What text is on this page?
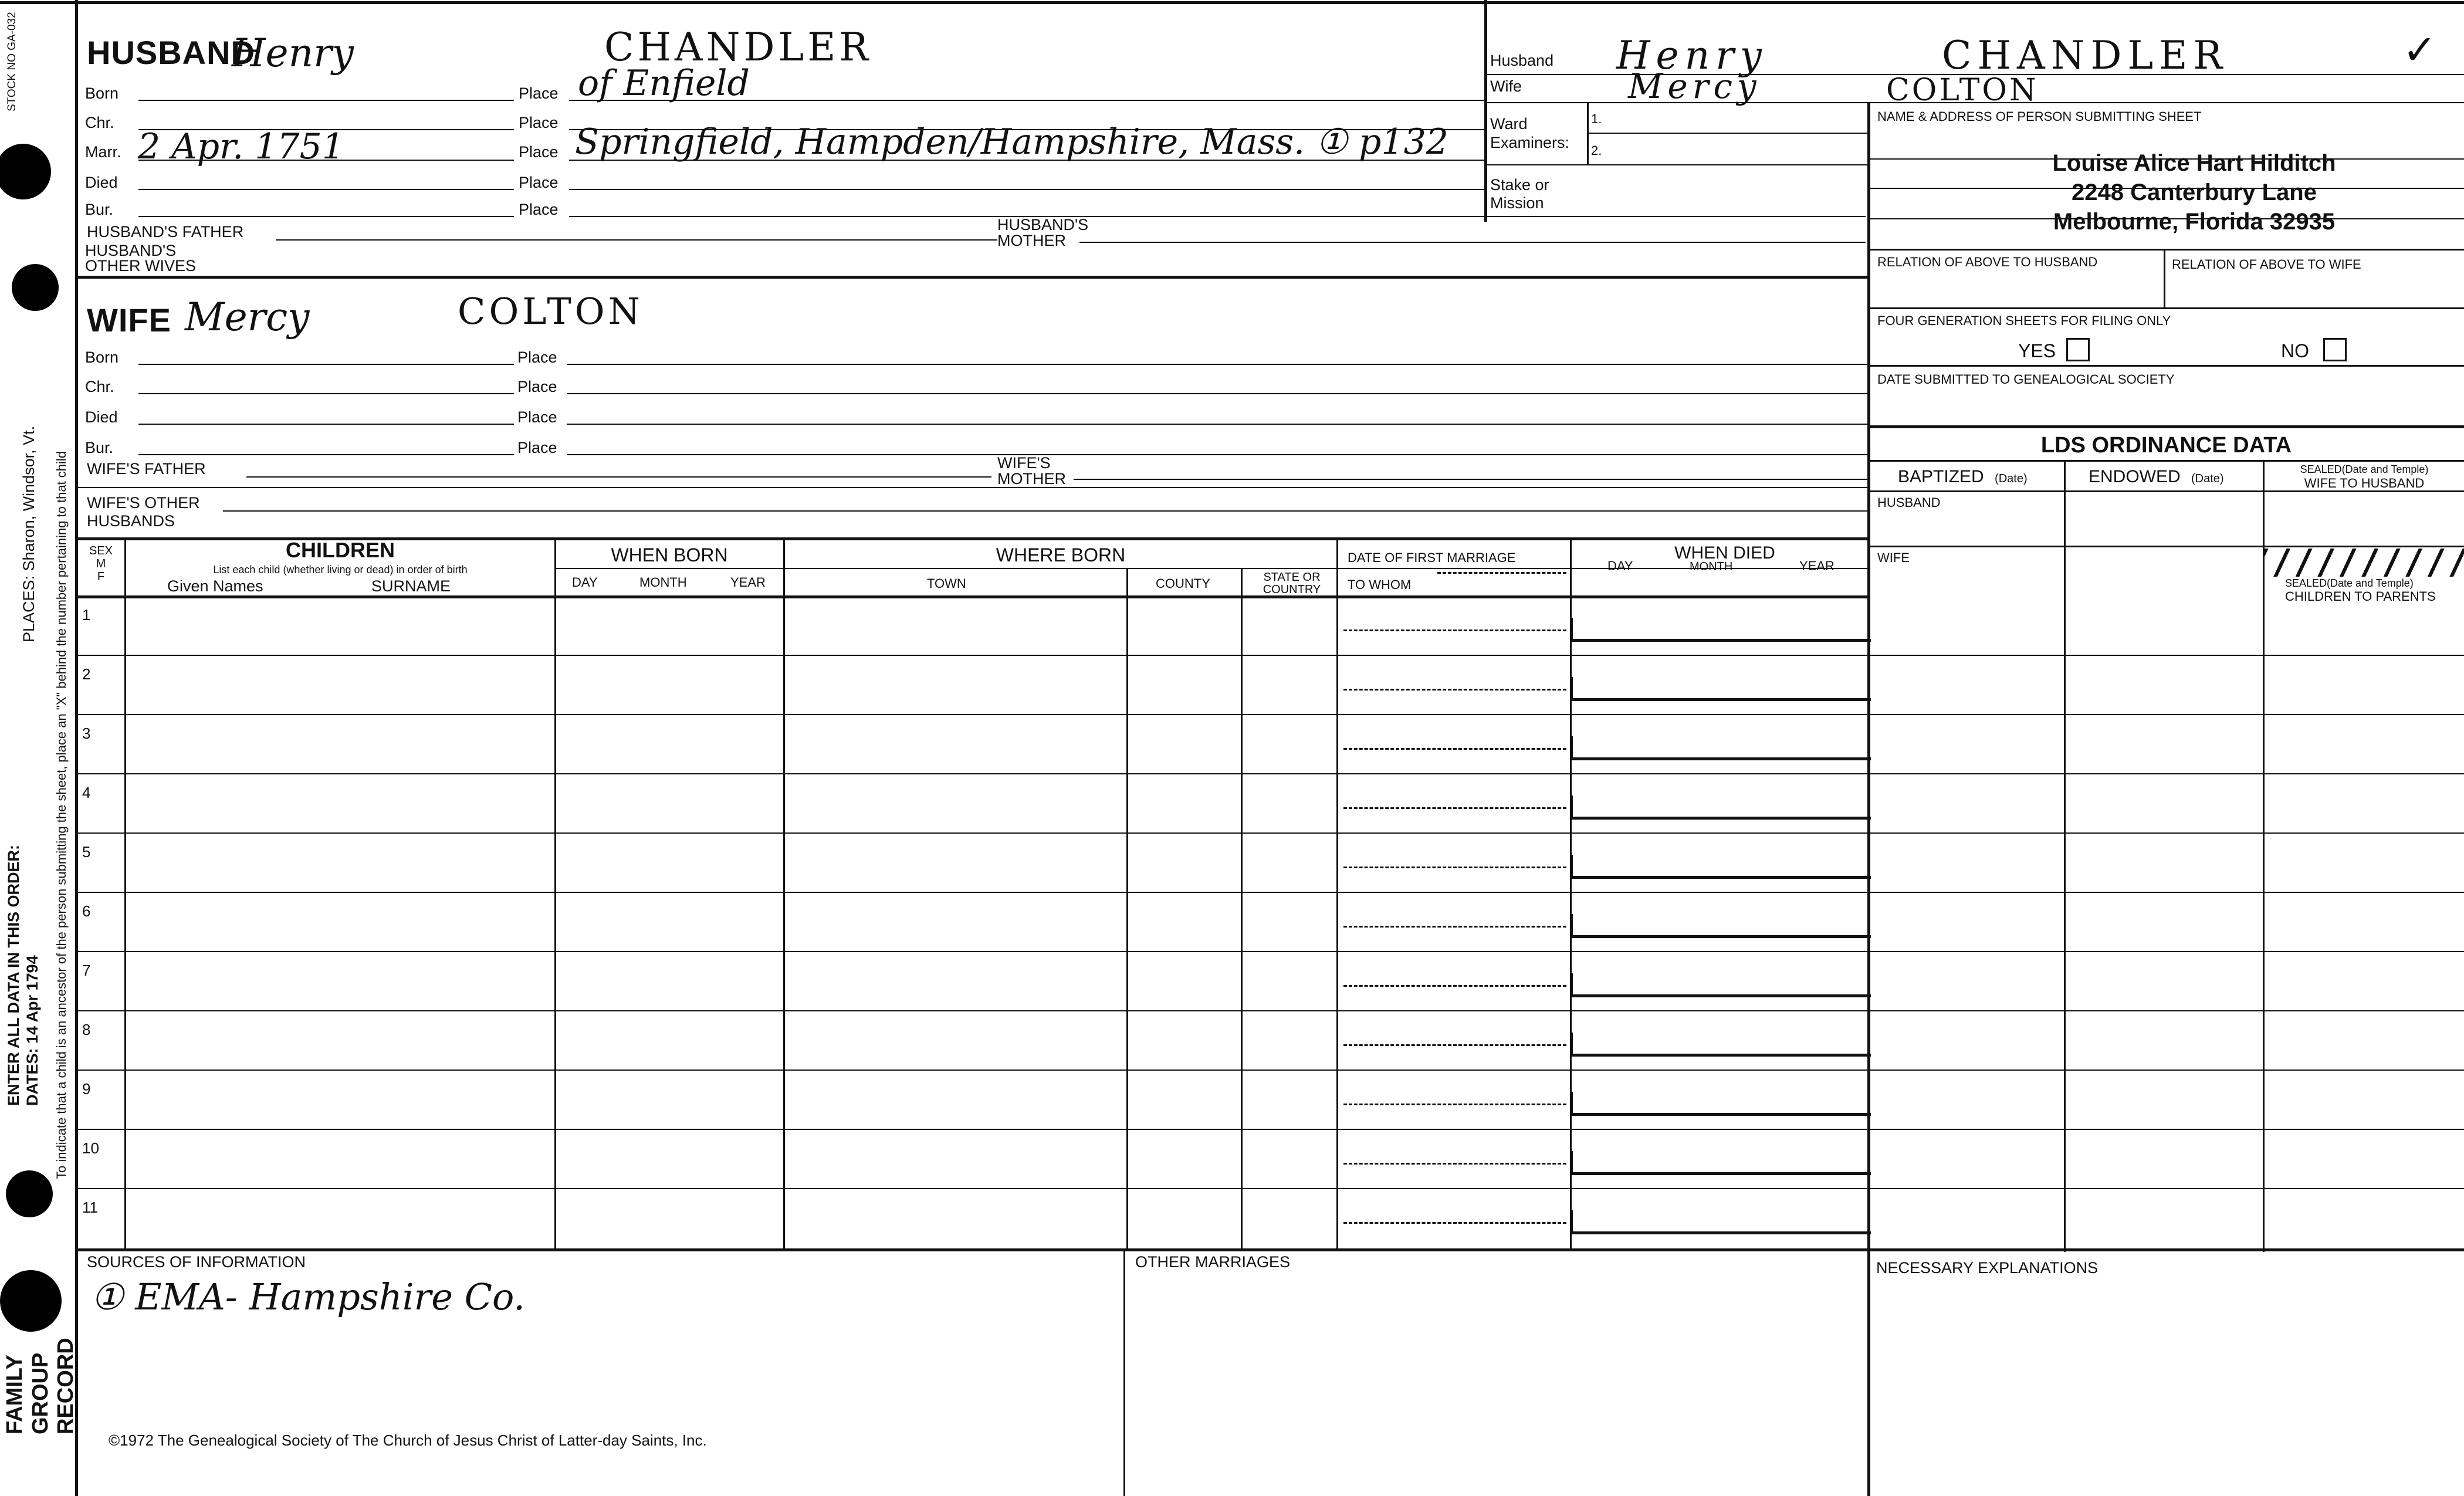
STOCK NO GA-032
PLACES: Sharon, Windsor, Vt. To indicate that a child is an ancestor of the person submitting the sheet, place an "X" behind the number pertaining to that child
ENTER ALL DATA IN THIS ORDER: DATES: 14 Apr 1794
FAMILY GROUP RECORD
HUSBAND
Henry	CHANDLER
Born	Place of Enfield
Chr.	Place
Marr. 2 Apr. 1751	Place Springfield, Hampden/Hampshire, Mass. ① p132
Died	Place
Bur.	Place
HUSBAND'S FATHER	HUSBAND'S
MOTHER
HUSBAND'S
OTHER WIVES
Husband Henry	CHANDLER	✓
Wife	Mercy	COLTON
Ward
Examiners:
1.
2.
Stake or
Mission
NAME & ADDRESS OF PERSON SUBMITTING SHEET
Louise Alice Hart Hilditch
2248 Canterbury Lane
Melbourne, Florida 32935
RELATION OF ABOVE TO HUSBAND	RELATION OF ABOVE TO WIFE
FOUR GENERATION SHEETS FOR FILING ONLY
YES	NO
DATE SUBMITTED TO GENEALOGICAL SOCIETY
LDS ORDINANCE DATA
BAPTIZED (Date)	ENDOWED (Date)
SEALED(Date and Temple)
WIFE TO HUSBAND
HUSBAND
WIFE
SEALED(Date and Temple)
CHILDREN TO PARENTS
WIFE Mercy	COLTON
Born	Place
Chr.	Place
Died	Place
Bur.	Place
WIFE'S FATHER	WIFE'S
MOTHER
WIFE'S OTHER
HUSBANDS
SEX
M
F
CHILDREN
List each child (whether living or dead) in order of birth
Given Names	SURNAME
WHEN BORN
DAY	MONTH	YEAR
WHERE BORN
TOWN	COUNTY	STATE OR
COUNTRY
DATE OF FIRST MARRIAGE
TO WHOM
WHEN DIED
DAY	MONTH	YEAR
1
2
3
4
5
6
7
8
9
10
11
SOURCES OF INFORMATION
① EMA- Hampshire Co.
OTHER MARRIAGES	NECESSARY EXPLANATIONS
©1972 The Genealogical Society of The Church of Jesus Christ of Latter-day Saints, Inc.
